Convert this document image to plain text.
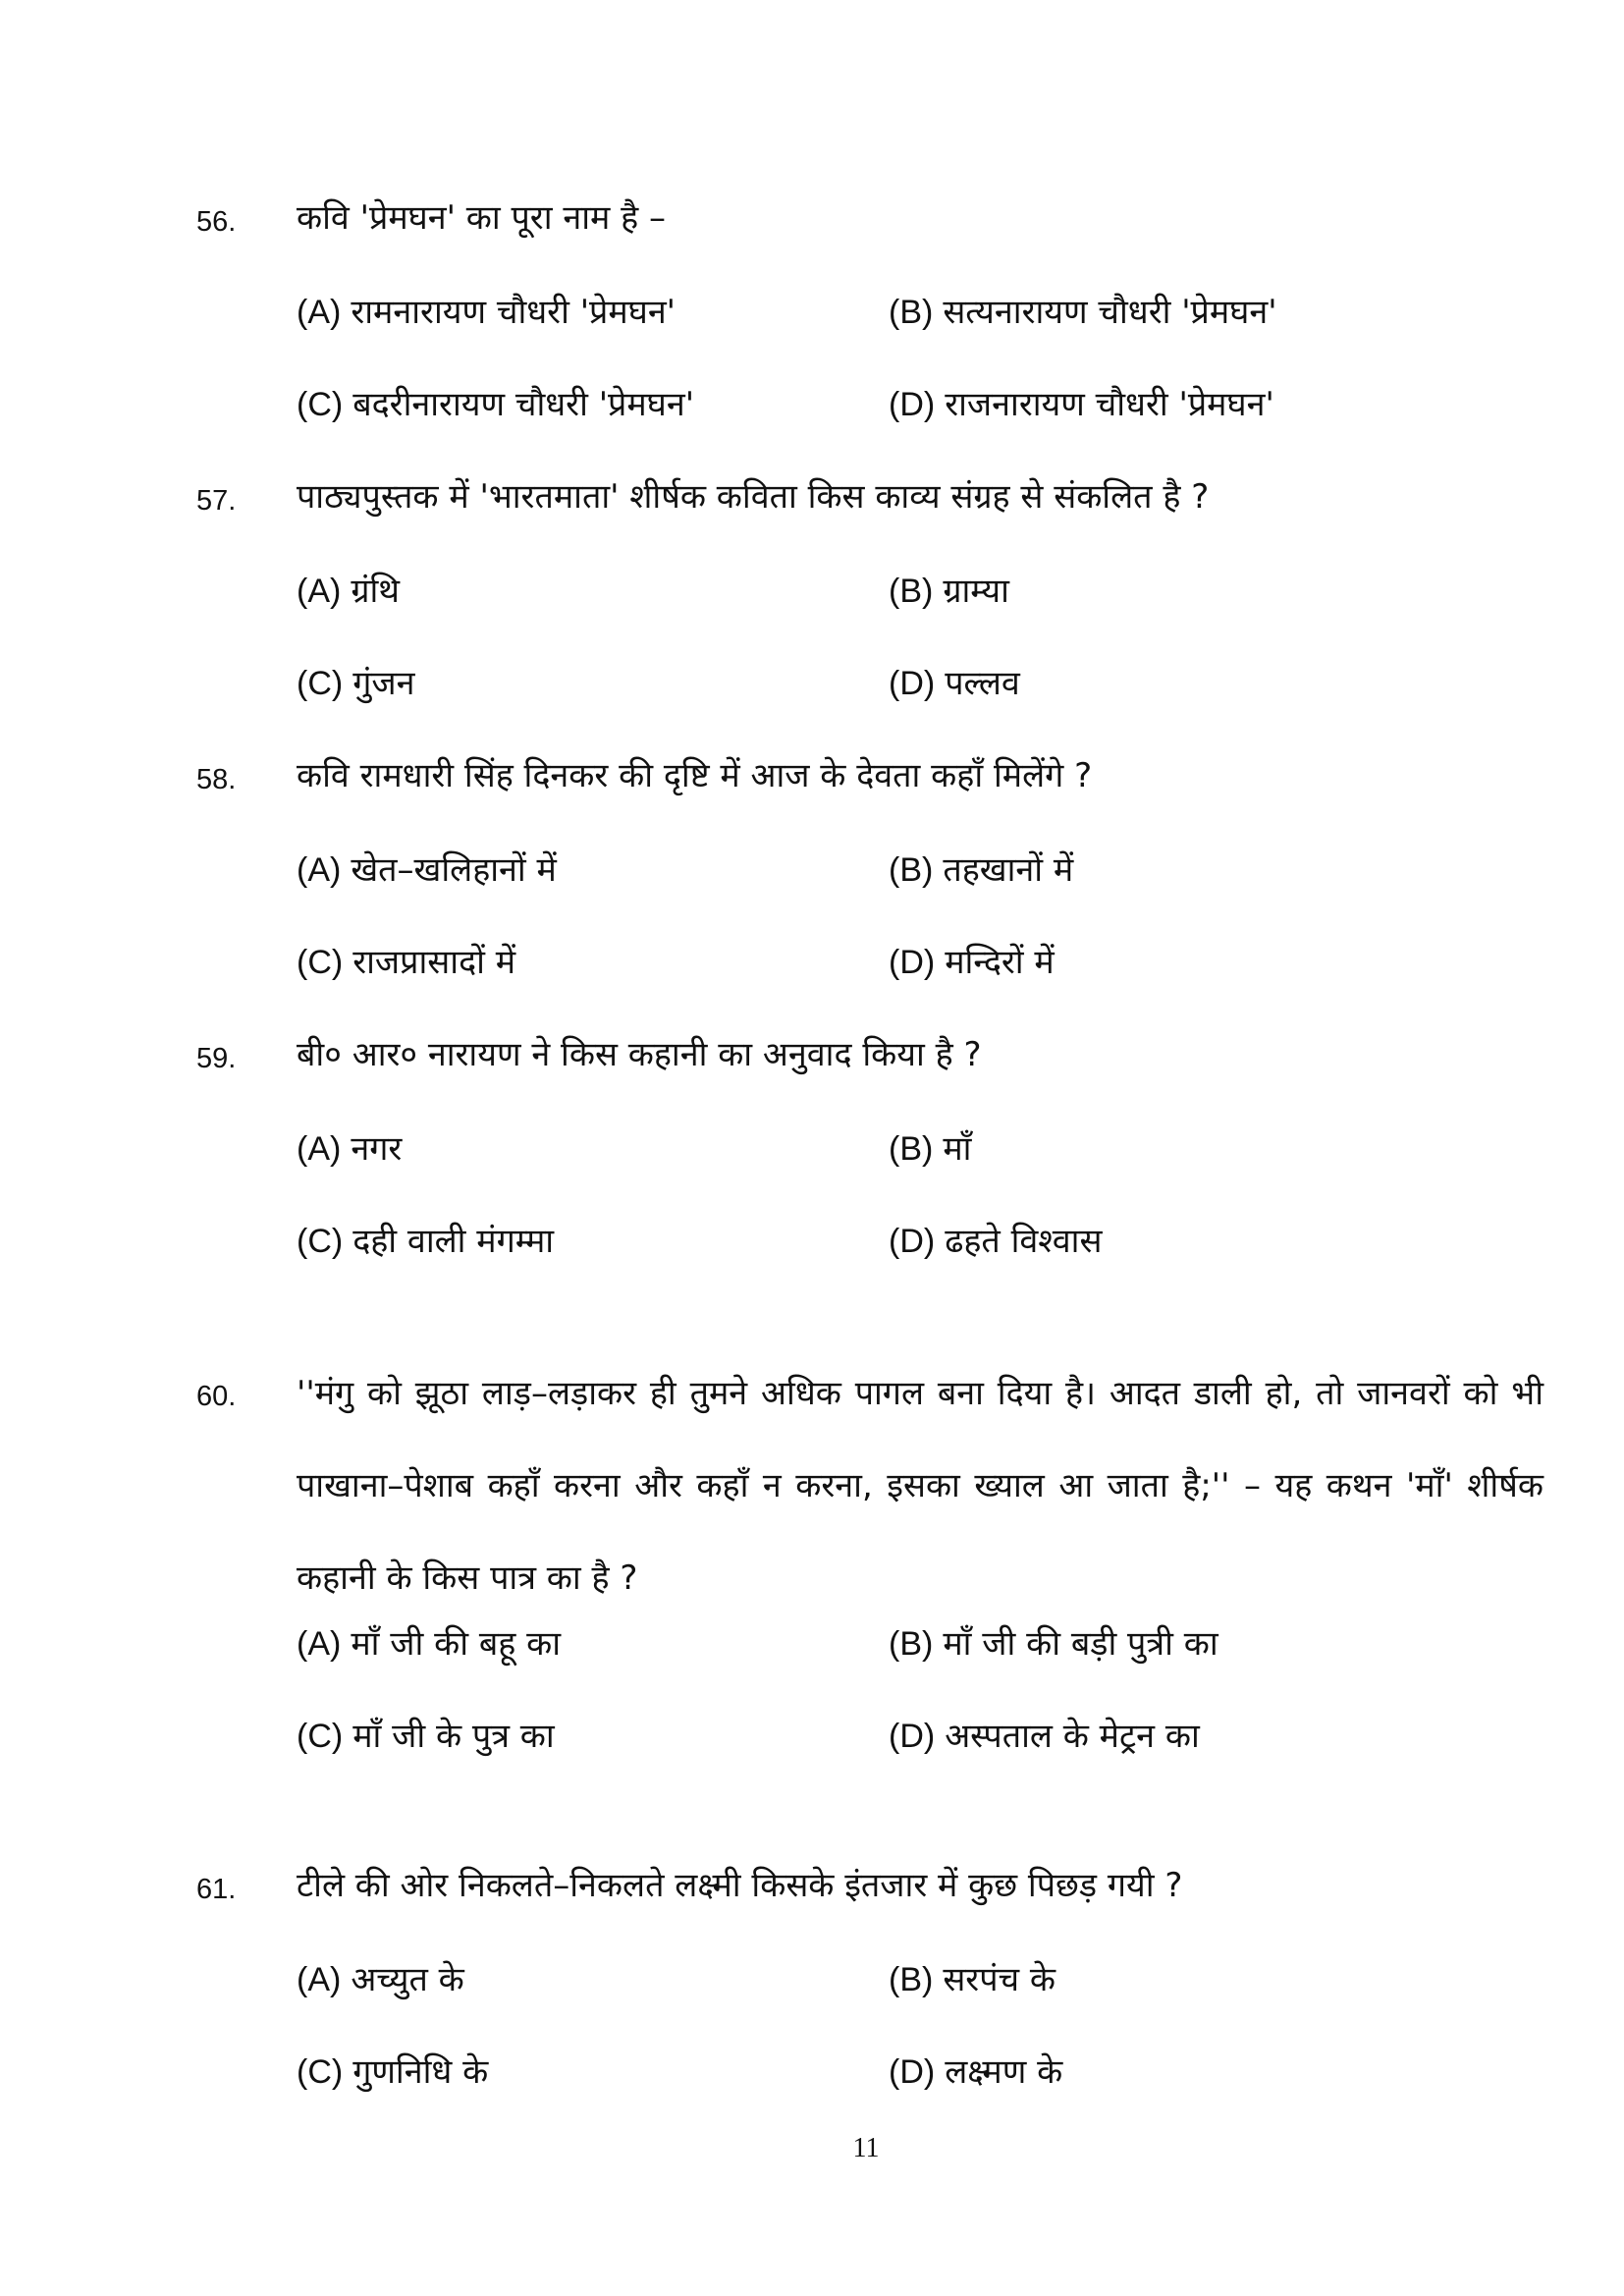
56. कवि 'प्रेमघन' का पूरा नाम है –
(A) रामनारायण चौधरी 'प्रेमघन'	(B) सत्यनारायण चौधरी 'प्रेमघन'
(C) बदरीनारायण चौधरी 'प्रेमघन'	(D) राजनारायण चौधरी 'प्रेमघन'
57. पाठ्यपुस्तक में 'भारतमाता' शीर्षक कविता किस काव्य संग्रह से संकलित है ?
(A) ग्रंथि	(B) ग्राम्या
(C) गुंजन	(D) पल्लव
58. कवि रामधारी सिंह दिनकर की दृष्टि में आज के देवता कहाँ मिलेंगे ?
(A) खेत–खलिहानों में	(B) तहखानों में
(C) राजप्रासादों में	(D) मन्दिरों में
59. बी० आर० नारायण ने किस कहानी का अनुवाद किया है ?
(A) नगर	(B) माँ
(C) दही वाली मंगम्मा	(D) ढहते विश्वास
60. ''मंगु को झूठा लाड़–लड़ाकर ही तुमने अधिक पागल बना दिया है। आदत डाली हो, तो जानवरों को भी पाखाना–पेशाब कहाँ करना और कहाँ न करना, इसका ख्याल आ जाता है;'' – यह कथन 'माँ' शीर्षक कहानी के किस पात्र का है ?
(A) माँ जी की बहू का	(B) माँ जी की बड़ी पुत्री का
(C) माँ जी के पुत्र का	(D) अस्पताल के मेट्रन का
61. टीले की ओर निकलते–निकलते लक्ष्मी किसके इंतजार में कुछ पिछड़ गयी ?
(A) अच्युत के	(B) सरपंच के
(C) गुणनिधि के	(D) लक्ष्मण के
11
